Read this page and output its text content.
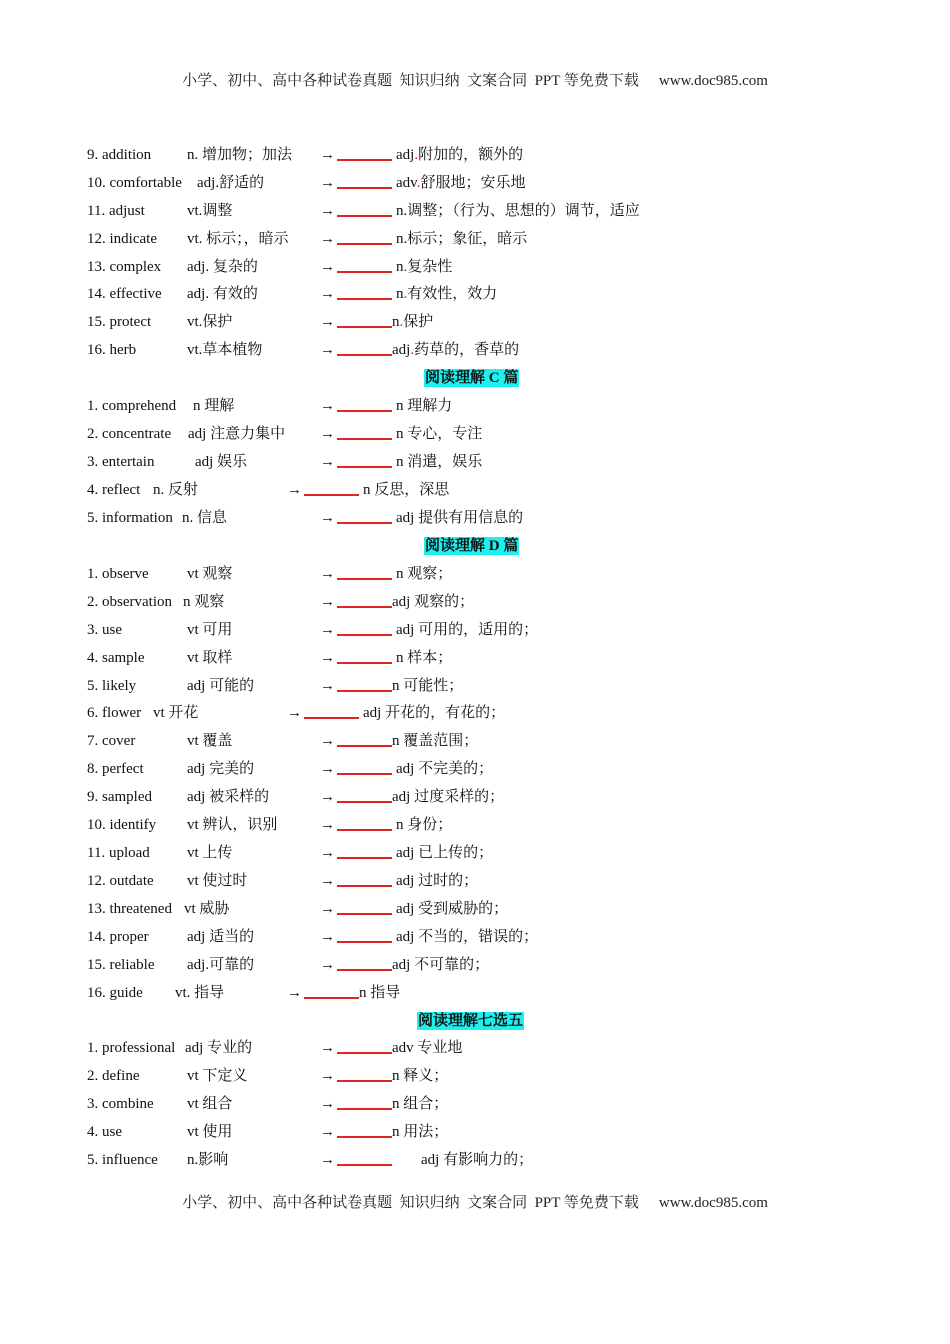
小学、初中、高中各种试卷真题  知识归纳  文案合同  PPT 等免费下载 www.doc985.com
9. addition n. 增加物；加法 →	adj.附加的，额外的
10. comfortable adj.舒适的	→	adv.舒服地；安乐地
11. adjust	vt.调整	→	n.调整；（行为、思想的）调节，适应
12. indicate vt. 标示；，暗示 →	n.标示；象征，暗示
13. complex adj. 复杂的	→	n.复杂性
14. effective adj. 有效的	→	n.有效性，效力
15. protect vt.保护	→	n.保护
16. herb	vt.草本植物	→	adj.药草的，香草的
阅读理解 C 篇
1. comprehend n 理解	→	n 理解力
2. concentrate adj 注意力集中 →	n 专心，专注
3. entertain	adj 娱乐	→	n 消遣，娱乐
4. reflect n. 反射	→	n 反思，深思
5. information n. 信息	→	adj 提供有用信息的
阅读理解 D 篇
1. observe	vt 观察	→	n 观察；
2. observation n 观察	→	adj 观察的；
3. use	vt 可用	→	adj 可用的，适用的；
4. sample	vt 取样	→	n 样本；
5. likely	adj 可能的	→	n 可能性；
6. flower vt 开花	→	adj 开花的，有花的；
7. cover	vt 覆盖	→	n 覆盖范围；
8. perfect	adj 完美的	→	adj 不完美的；
9. sampled adj 被采样的	→	adj 过度采样的；
10. identify vt 辨认，识别	→	n 身份；
11. upload vt 上传	→	adj 已上传的；
12. outdate vt 使过时	→	adj 过时的；
13. threatened vt 威胁	→	adj 受到威胁的；
14. proper	adj 适当的	→	adj 不当的，错误的；
15. reliable adj.可靠的	→	adj 不可靠的；
16. guide vt. 指导	→	n 指导
阅读理解七选五
1. professional adj 专业的	→	adv 专业地
2. define	vt 下定义	→	n 释义；
3. combine vt 组合	→	n 组合；
4. use	vt 使用	→	n 用法；
5. influence n.影响	→	adj 有影响力的；
小学、初中、高中各种试卷真题  知识归纳  文案合同  PPT 等免费下载 www.doc985.com
